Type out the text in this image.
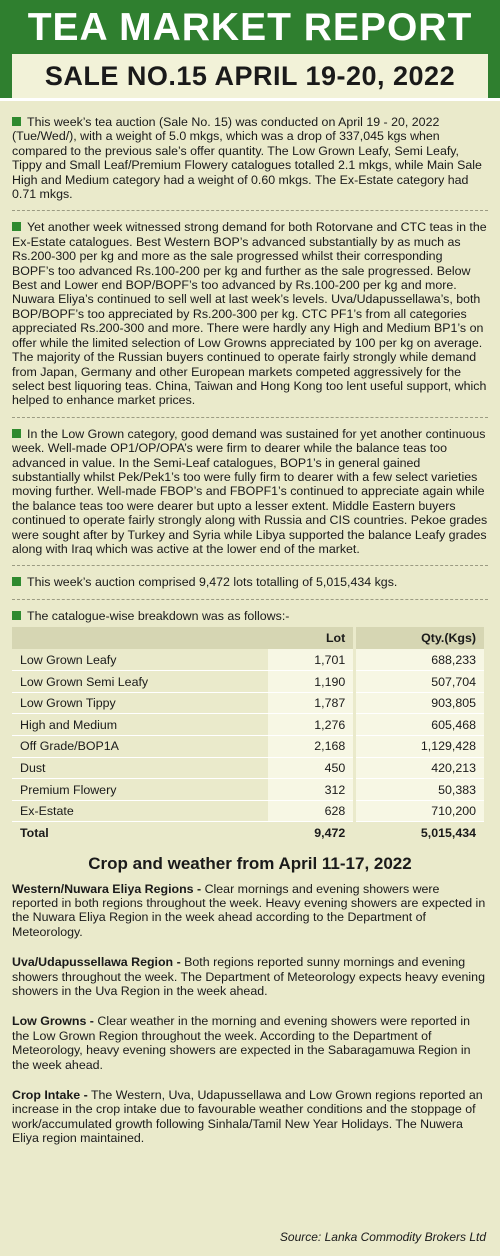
TEA MARKET REPORT
SALE NO.15 APRIL 19-20, 2022
This week’s tea auction (Sale No. 15) was conducted on April 19 - 20, 2022 (Tue/Wed/), with a weight of 5.0 mkgs, which was a drop of 337,045 kgs when compared to the previous sale’s offer quantity. The Low Grown Leafy, Semi Leafy, Tippy and Small Leaf/Premium Flowery catalogues totalled 2.1 mkgs, while Main Sale High and Medium category had a weight of 0.60 mkgs. The Ex-Estate category had 0.71 mkgs.
Yet another week witnessed strong demand for both Rotorvane and CTC teas in the Ex-Estate catalogues. Best Western BOP’s advanced substantially by as much as Rs.200-300 per kg and more as the sale progressed whilst their corresponding BOPF’s too advanced Rs.100-200 per kg and further as the sale progressed. Below Best and Lower end BOP/BOPF’s too advanced by Rs.100-200 per kg and more. Nuwara Eliya’s continued to sell well at last week’s levels. Uva/Udapussellawa’s, both BOP/BOPF’s too appreciated by Rs.200-300 per kg. CTC PF1’s from all categories appreciated Rs.200-300 and more. There were hardly any High and Medium BP1’s on offer while the limited selection of Low Growns appreciated by 100 per kg on average. The majority of the Russian buyers continued to operate fairly strongly while demand from Japan, Germany and other European markets competed aggressively for the select best liquoring teas. China, Taiwan and Hong Kong too lent useful support, which helped to enhance market prices.
In the Low Grown category, good demand was sustained for yet another continuous week. Well-made OP1/OP/OPA’s were firm to dearer while the balance teas too advanced in value. In the Semi-Leaf catalogues, BOP1’s in general gained substantially whilst Pek/Pek1’s too were fully firm to dearer with a few select varieties moving further. Well-made FBOP’s and FBOPF1’s continued to appreciate again while the balance teas too were dearer but upto a lesser extent. Middle Eastern buyers continued to operate fairly strongly along with Russia and CIS countries. Pekoe grades were sought after by Turkey and Syria while Libya supported the balance Leafy grades along with Iraq which was active at the lower end of the market.
This week’s auction comprised 9,472 lots totalling of 5,015,434 kgs.
The catalogue-wise breakdown was as follows:-
	Lot	Qty.(Kgs)
Low Grown Leafy	1,701	688,233
Low Grown Semi Leafy	1,190	507,704
Low Grown Tippy	1,787	903,805
High and Medium	1,276	605,468
Off Grade/BOP1A	2,168	1,129,428
Dust	450	420,213
Premium Flowery	312	50,383
Ex-Estate	628	710,200
Total	9,472	5,015,434
Crop and weather from April 11-17, 2022
Western/Nuwara Eliya Regions - Clear mornings and evening showers were reported in both regions throughout the week. Heavy evening showers are expected in the Nuwara Eliya Region in the week ahead according to the Department of Meteorology.
Uva/Udapussellawa Region - Both regions reported sunny mornings and evening showers throughout the week. The Department of Meteorology expects heavy evening showers in the Uva Region in the week ahead.
Low Growns - Clear weather in the morning and evening showers were reported in the Low Grown Region throughout the week. According to the Department of Meteorology, heavy evening showers are expected in the Sabaragamuwa Region in the week ahead.
Crop Intake - The Western, Uva, Udapussellawa and Low Grown regions reported an increase in the crop intake due to favourable weather conditions and the stoppage of work/accumulated growth following Sinhala/Tamil New Year Holidays. The Nuwera Eliya region maintained.
Source: Lanka Commodity Brokers Ltd
